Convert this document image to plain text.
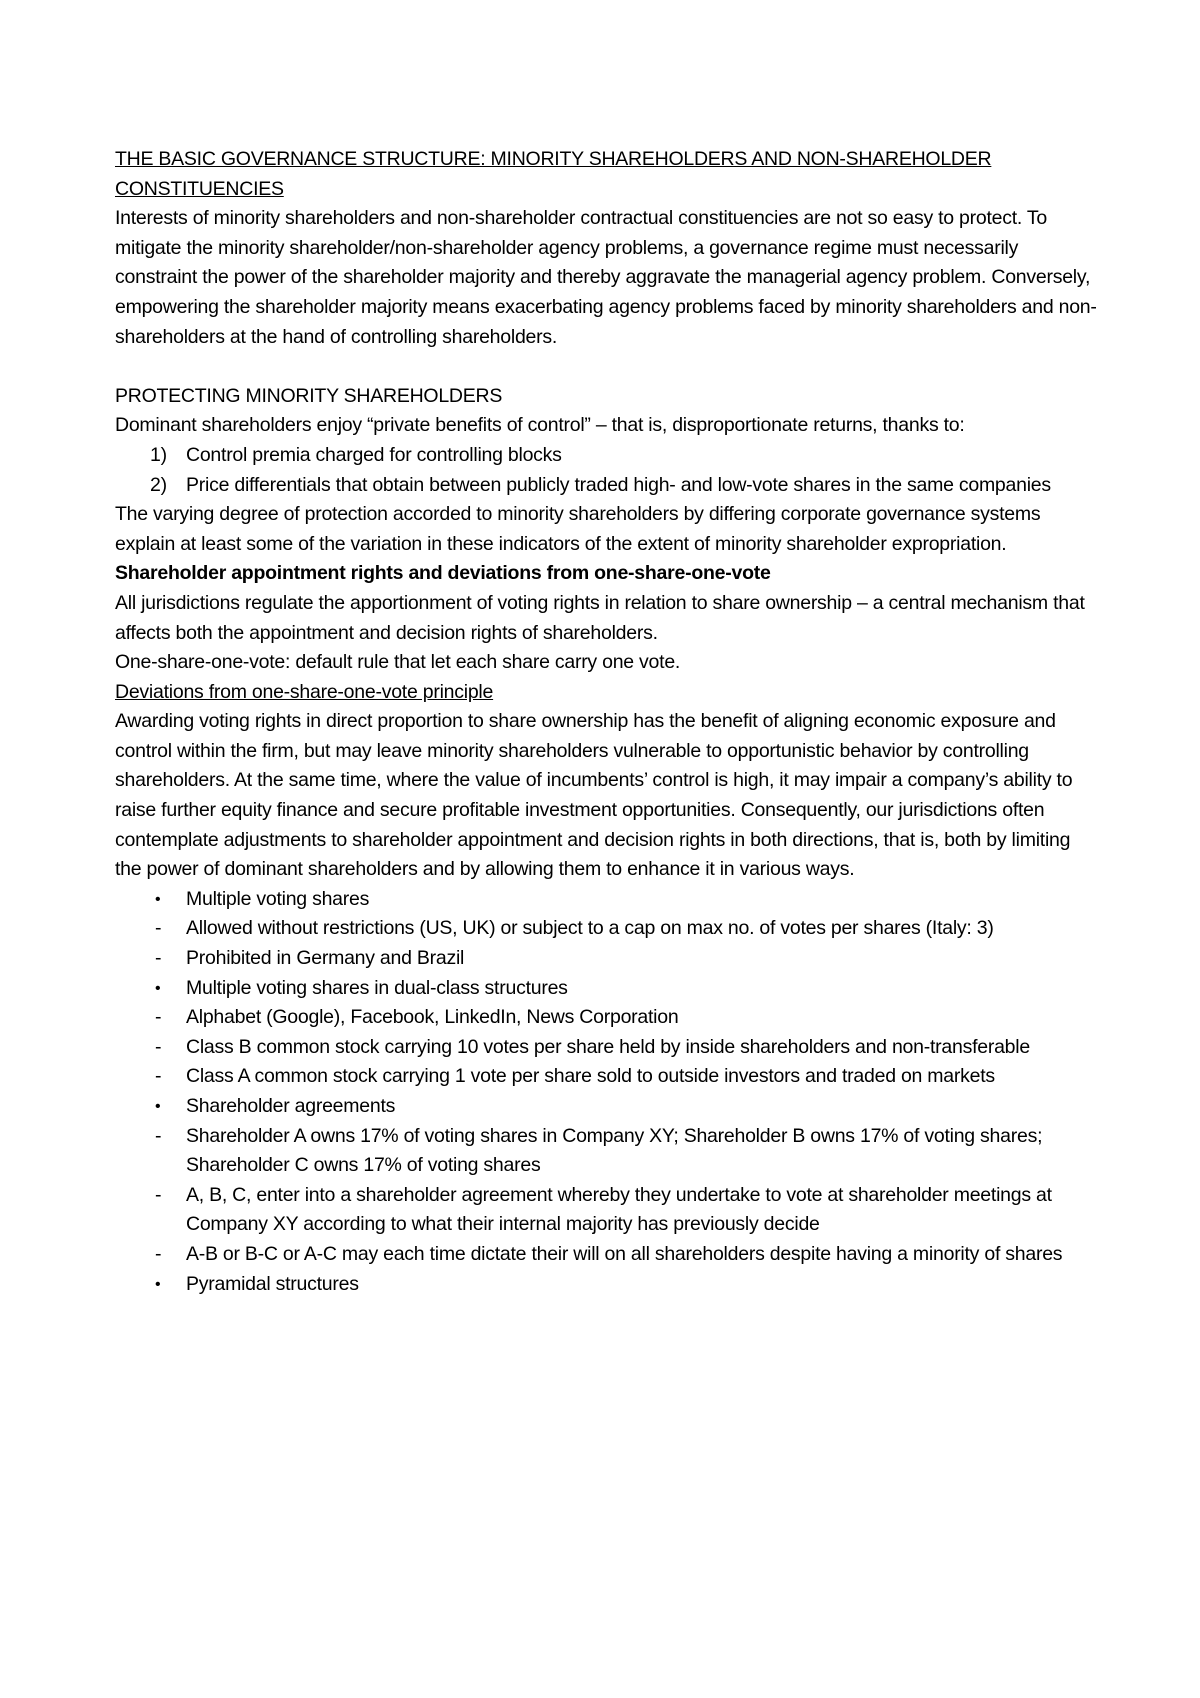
THE BASIC GOVERNANCE STRUCTURE: MINORITY SHAREHOLDERS AND NON-SHAREHOLDER CONSTITUENCIES

Interests of minority shareholders and non-shareholder contractual constituencies are not so easy to protect. To mitigate the minority shareholder/non-shareholder agency problems, a governance regime must necessarily constraint the power of the shareholder majority and thereby aggravate the managerial agency problem. Conversely, empowering the shareholder majority means exacerbating agency problems faced by minority shareholders and non-shareholders at the hand of controlling shareholders.

PROTECTING MINORITY SHAREHOLDERS

Dominant shareholders enjoy “private benefits of control” – that is, disproportionate returns, thanks to:

1) Control premia charged for controlling blocks
2) Price differentials that obtain between publicly traded high- and low-vote shares in the same companies

The varying degree of protection accorded to minority shareholders by differing corporate governance systems explain at least some of the variation in these indicators of the extent of minority shareholder expropriation.

Shareholder appointment rights and deviations from one-share-one-vote

All jurisdictions regulate the apportionment of voting rights in relation to share ownership – a central mechanism that affects both the appointment and decision rights of shareholders.

One-share-one-vote: default rule that let each share carry one vote.

Deviations from one-share-one-vote principle

Awarding voting rights in direct proportion to share ownership has the benefit of aligning economic exposure and control within the firm, but may leave minority shareholders vulnerable to opportunistic behavior by controlling shareholders. At the same time, where the value of incumbents’ control is high, it may impair a company’s ability to raise further equity finance and secure profitable investment opportunities. Consequently, our jurisdictions often contemplate adjustments to shareholder appointment and decision rights in both directions, that is, both by limiting the power of dominant shareholders and by allowing them to enhance it in various ways.

•	Multiple voting shares
-	Allowed without restrictions (US, UK) or subject to a cap on max no. of votes per shares (Italy: 3)
-	Prohibited in Germany and Brazil
•	Multiple voting shares in dual-class structures
-	Alphabet (Google), Facebook, LinkedIn, News Corporation
-	Class B common stock carrying 10 votes per share held by inside shareholders and non-transferable
-	Class A common stock carrying 1 vote per share sold to outside investors and traded on markets
•	Shareholder agreements
-	Shareholder A owns 17% of voting shares in Company XY; Shareholder B owns 17% of voting shares; Shareholder C owns 17% of voting shares
-	A, B, C, enter into a shareholder agreement whereby they undertake to vote at shareholder meetings at Company XY according to what their internal majority has previously decide
-	A-B or B-C or A-C may each time dictate their will on all shareholders despite having a minority of shares
•	Pyramidal structures
